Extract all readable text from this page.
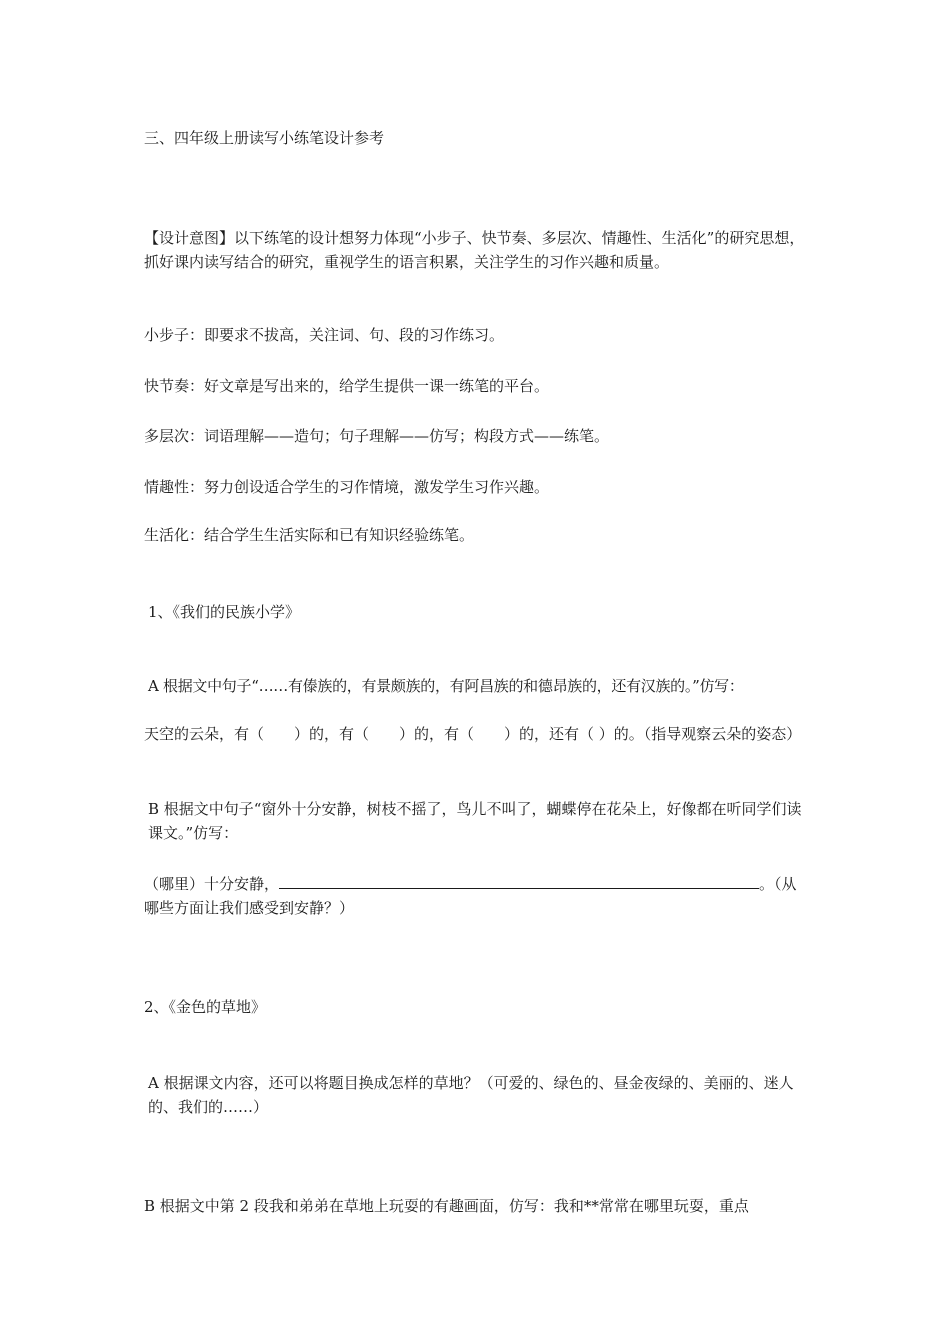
三、四年级上册读写小练笔设计参考
【设计意图】以下练笔的设计想努力体现“小步子、快节奏、多层次、情趣性、生活化”的研究思想， 抓好课内读写结合的研究，重视学生的语言积累，关注学生的习作兴趣和质量。
小步子：即要求不拔高，关注词、句、段的习作练习。
快节奏：好文章是写出来的，给学生提供一课一练笔的平台。
多层次：词语理解——造句；句子理解——仿写；构段方式——练笔。
情趣性：努力创设适合学生的习作情境，激发学生习作兴趣。
生活化：结合学生生活实际和已有知识经验练笔。
1、《我们的民族小学》
A 根据文中句子“……有傣族的，有景颇族的，有阿昌族的和德昂族的，还有汉族的。”仿写：
天空的云朵，有（　　）的，有（　　）的，有（　　）的，还有（ ）的。（指导观察云朵的姿态）
B 根据文中句子“窗外十分安静，树枝不摇了，鸟儿不叫了，蝴蝶停在花朵上，好像都在听同学们读课文。”仿写：
（哪里）十分安静，	。（从哪些方面让我们感受到安静？）
2、《金色的草地》
A 根据课文内容，还可以将题目换成怎样的草地？（可爱的、绿色的、昼金夜绿的、美丽的、迷人的、我们的……）
B 根据文中第 2 段我和弟弟在草地上玩耍的有趣画面，仿写：我和**常常在哪里玩耍，重点
